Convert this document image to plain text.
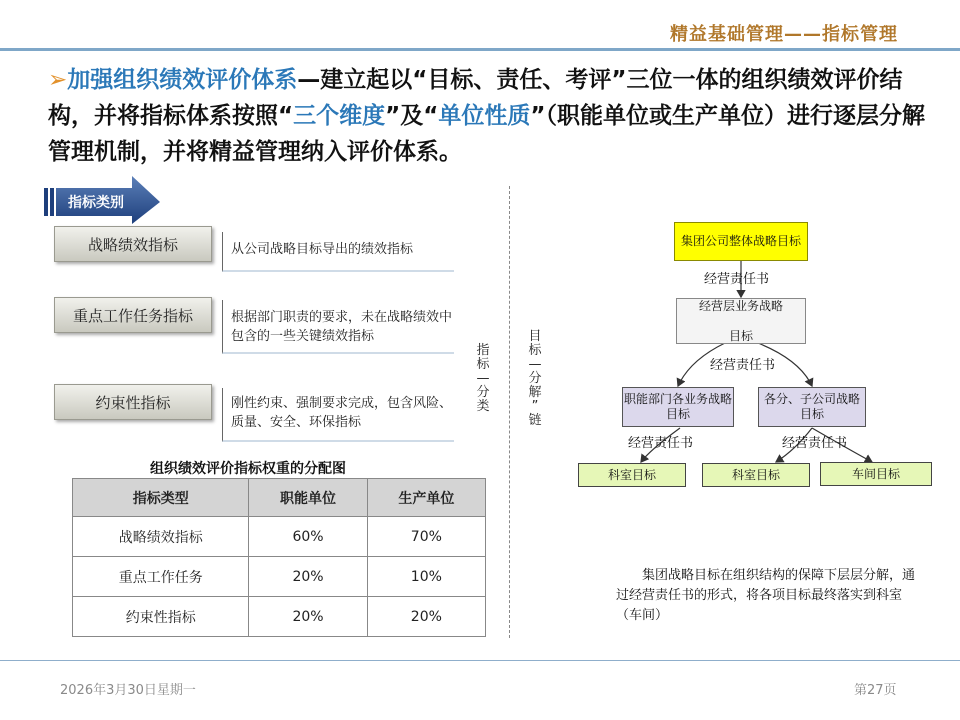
精益基础管理——指标管理
➢加强组织绩效评价体系—建立起以“目标、责任、考评”三位一体的组织绩效评价结构，并将指标体系按照“三个维度”及“单位性质”（职能单位或生产单位）进行逐层分解管理机制，并将精益管理纳入评价体系。
指标类别
战略绩效指标	从公司战略目标导出的绩效指标
重点工作任务指标	根据部门职责的要求，未在战略绩效中包含的一些关键绩效指标
约束性指标	刚性约束、强制要求完成，包含风险、质量、安全、环保指标
指
标
—
分
类
目
标
—
分
解
”
链
组织绩效评价指标权重的分配图
指标类型	职能单位	生产单位
战略绩效指标	60%	70%
重点工作任务	20%	10%
约束性指标	20%	20%
集团公司整体战略目标
经营责任书
经营层业务战略

目标
经营责任书
职能部门各业务战略目标
各分、子公司战略目标
经营责任书	经营责任书
科室目标	科室目标	车间目标
集团战略目标在组织结构的保障下层层分解，通过经营责任书的形式，将各项目标最终落实到科室（车间）
2026年3月30日星期一	第27页
